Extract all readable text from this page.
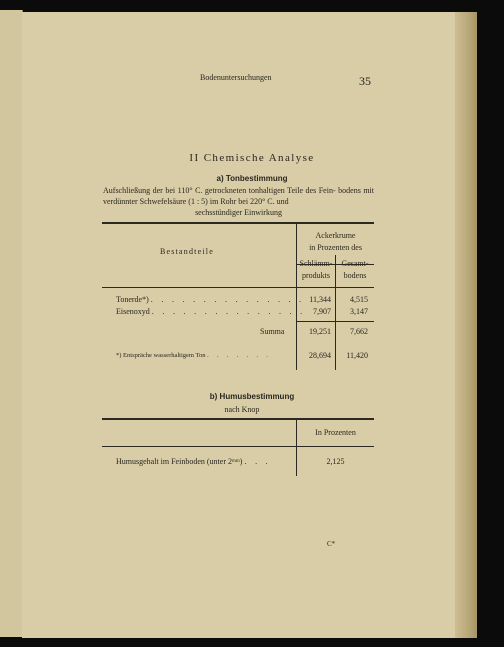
Bodenuntersuchungen	35
II Chemische Analyse
a) Tonbestimmung
Aufschließung der bei 110° C. getrockneten tonhaltigen Teile des Fein- bodens mit verdünnter Schwefelsäure (1 : 5) im Rohr bei 220° C. und
sechsstündiger Einwirkung
Bestandteile
Ackerkrume
in Prozenten des
Schlämm-
produkts
Gesamt-
bodens
Tonerde*) . . . . . . . . . . . . . . . 11,344	4,515
Eisenoxyd . . . . . . . . . . . . . . . 7,907	3,147
Summa	19,251	7,662
*) Entspräche wasserhaltigem Ton . . . . . . .	28,694	11,420
b) Humusbestimmung
nach Knop
In Prozenten
Humusgehalt im Feinboden (unter 2ᵐᵐ) . . .	2,125
C*
